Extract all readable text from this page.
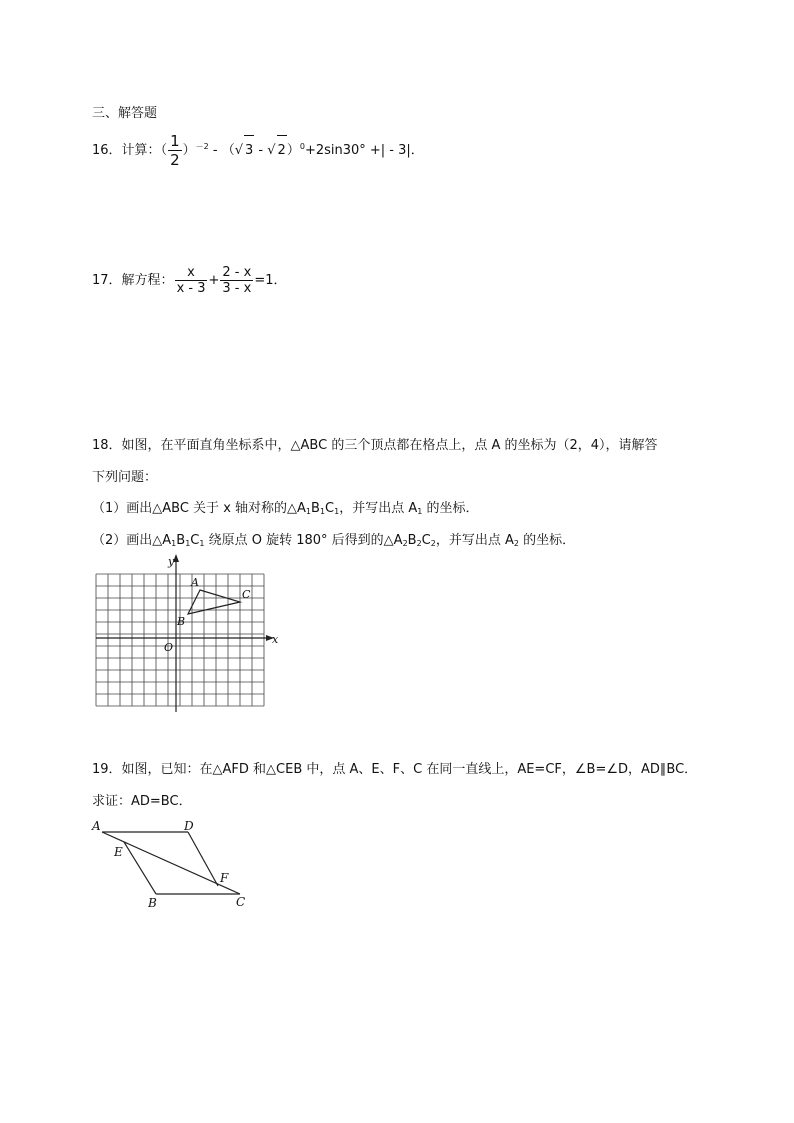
三、解答题
16．计算：（ $\frac{1}{2} )^{-2}$ - （√ 3 - √ 2）$^0$+2sin30° +| - 3|．
17．解方程： $\frac{x}{x - 3} + \frac{2 - x}{3 - x} =1$．
18．如图，在平面直角坐标系中，△ABC 的三个顶点都在格点上，点 A 的坐标为（2，4），请解答
下列问题：
（1）画出△ABC 关于 x 轴对称的$\triangle A_1B_1C_1$，并写出点 $A_1$ 的坐标．
（2）画出$\triangle A_1B_1C_1$ 绕原点 O 旋转 180° 后得到的$\triangle A_2B_2C_2$，并写出点 $A_2$ 的坐标．
y
x
O
A
B
C
19．如图，已知：在△AFD 和△CEB 中，点 A、E、F、C 在同一直线上，AE=CF，∠B=∠D，AD∥BC．
求证：AD=BC．
A	D
E
F
B	C
